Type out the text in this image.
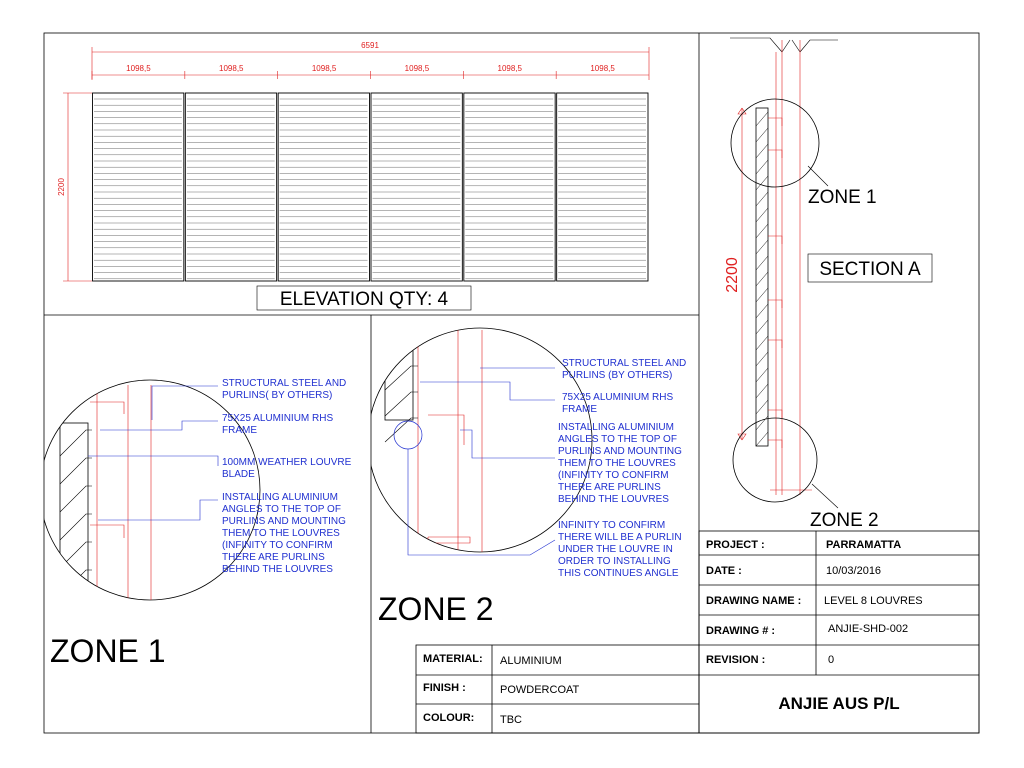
6591
1098,5	1098,5	1098,5	1098,5	1098,5	1098,5
2200
ELEVATION QTY: 4
ZONE 1
ZONE 2
2200	SECTION A
STRUCTURAL STEEL AND PURLINS( BY OTHERS)
75X25 ALUMINIUM RHS FRAME
100MM WEATHER LOUVRE BLADE
INSTALLING ALUMINIUM ANGLES TO THE TOP OF PURLINS AND MOUNTING THEM TO THE LOUVRES (INFINITY TO CONFIRM THERE ARE PURLINS BEHIND THE LOUVRES
ZONE 1
STRUCTURAL STEEL AND PURLINS (BY OTHERS)
75X25 ALUMINIUM RHS FRAME
INSTALLING ALUMINIUM ANGLES TO THE TOP OF PURLINS AND MOUNTING THEM TO THE LOUVRES (INFINITY TO CONFIRM THERE ARE PURLINS BEHIND THE LOUVRES
INFINITY TO CONFIRM THERE WILL BE A PURLIN UNDER THE LOUVRE IN ORDER TO INSTALLING THIS CONTINUES ANGLE
ZONE 2
PROJECT :	PARRAMATTA
DATE :	10/03/2016
DRAWING NAME : LEVEL 8 LOUVRES
DRAWING # :	ANJIE-SHD-002
REVISION :	0
ANJIE AUS P/L
MATERIAL: ALUMINIUM
FINISH :	POWDERCOAT
COLOUR: TBC
